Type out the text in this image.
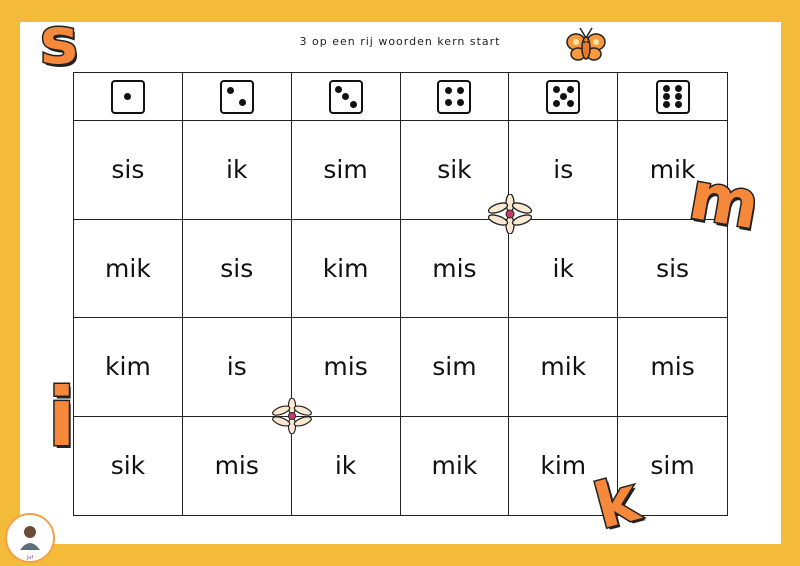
3 op een rij woorden kern start
sis	ik	sim	sik	is	mik
mik	sis	kim	mis	ik	sis
kim	is	mis	sim	mik	mis
sik	mis	ik	mik	kim	sim
s
m
i
k
juf
